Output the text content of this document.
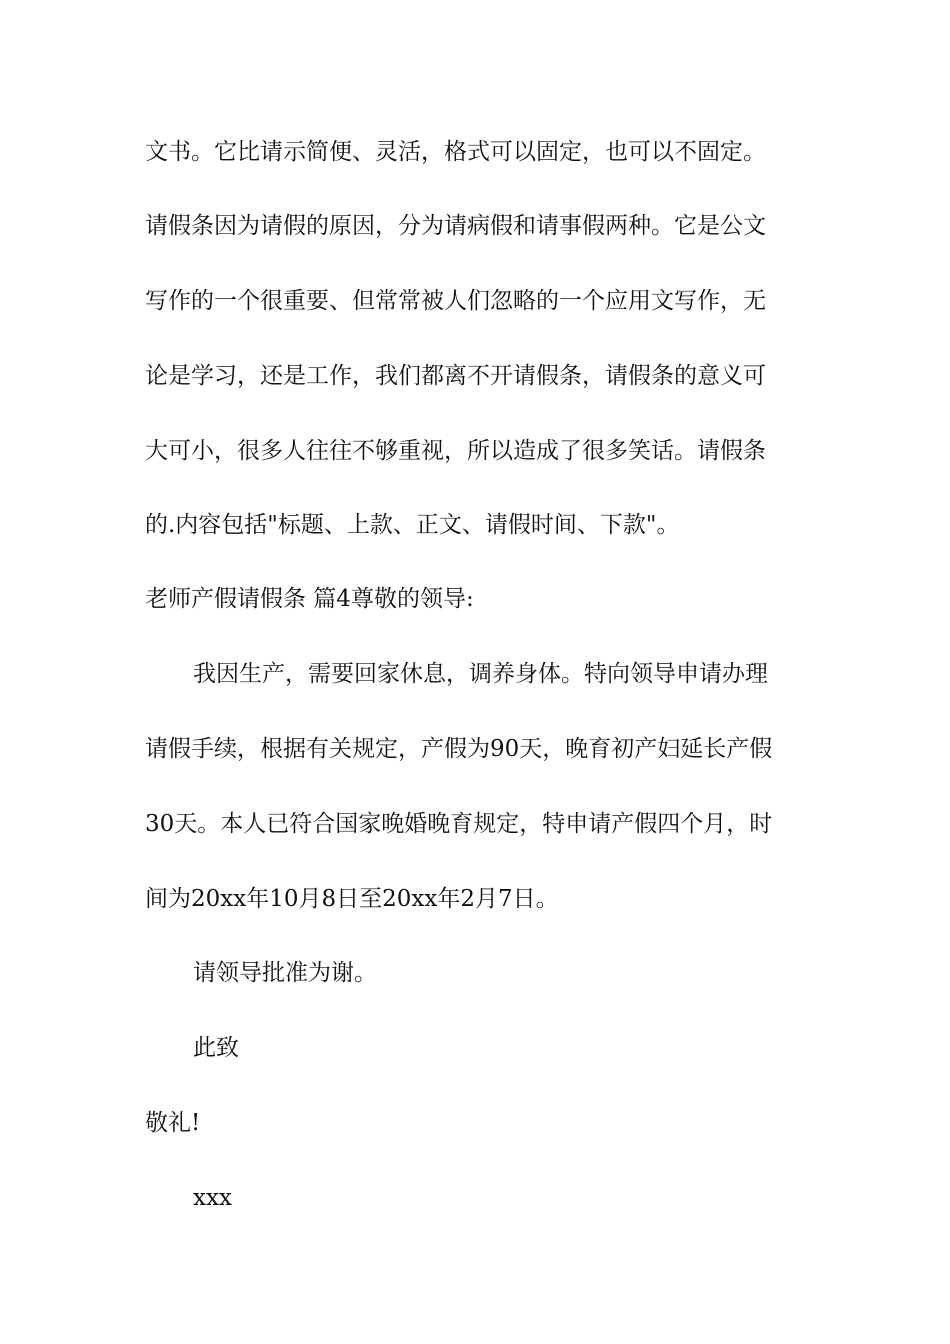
文书。它比请示简便、灵活，格式可以固定，也可以不固定。
请假条因为请假的原因，分为请病假和请事假两种。它是公文
写作的一个很重要、但常常被人们忽略的一个应用文写作，无
论是学习，还是工作，我们都离不开请假条，请假条的意义可
大可小，很多人往往不够重视，所以造成了很多笑话。请假条
的.内容包括"标题、上款、正文、请假时间、下款"。
老师产假请假条 篇4尊敬的领导:
我因生产，需要回家休息，调养身体。特向领导申请办理
请假手续，根据有关规定，产假为90天，晚育初产妇延长产假
30天。本人已符合国家晚婚晚育规定，特申请产假四个月，时
间为20xx年10月8日至20xx年2月7日。
请领导批准为谢。
此致
敬礼!
xxx
